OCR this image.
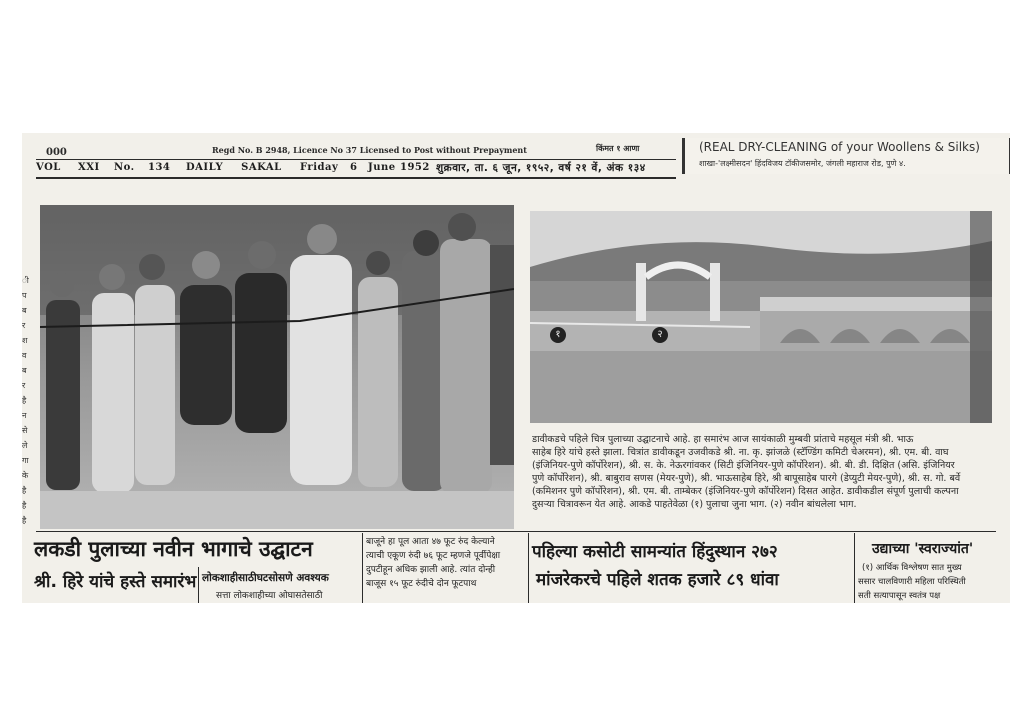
000	Regd No. B 2948, Licence No 37 Licensed to Post without Prepayment	किंमत १ आणा
VOL XXI No. 134 DAILY SAKAL Friday 6 June 1952 शुक्रवार, ता. ६ जून, १९५२, वर्ष २१ वें, अंक १३४
(REAL DRY-CLEANING of your Woollens & Silks)
शाखा-'लक्ष्मीसदन' हिंदविजय टॉकीजसमोर, जंगली महाराज रोड, पुणे ४.

ी

प

ब

र

श

व

ब

र

है

न

से

ले

गा

के

है

है

है

१	२

डावीकडचे पहिले चित्र पुलाच्या उद्घाटनाचे आहे. हा समारंभ आज सायंकाळी मुम्बवी प्रांताचे महसूल मंत्री श्री. भाऊ

साहेब हिरे यांचे हस्ते झाला. चित्रांत डावीकडून उजवीकडे श्री. ना. कृ. झांजळे (स्टॅण्डिंग कमिटी चेअरमन), श्री. एम. बी. वाघ

(इंजिनियर-पुणे कॉर्पोरेशन), श्री. स. के. नेऊरगांवकर (सिटी इंजिनियर-पुणे कॉर्पोरेशन). श्री. बी. डी. दिक्षित (असि. इंजिनियर

पुणे कॉर्पोरेशन), श्री. बाबुराव सणस (मेयर-पुणे), श्री. भाऊसाहेब हिरे, श्री बापूसाहेब पारगे (डेप्युटी मेयर-पुणे), श्री. स. गो. बर्वे

(कमिशनर पुणे कॉर्पोरेशन), श्री. एम. बी. ताम्बेकर (इंजिनियर-पुणे कॉर्पोरेशन) दिसत आहेत. डावीकडील संपूर्ण पुलाची कल्पना

दुसऱ्या चित्रावरून येत आहे. आकडे पाहतेवेळा (१) पुलाचा जुना भाग. (२) नवीन बांधलेला भाग.

लकडी पुलाच्या नवीन भागाचे उद्घाटन
श्री. हिरे यांचे हस्ते समारंभ लोकशाहीसाठीघटसोसणे अवश्यक
सत्ता लोकशाहीच्या ओघासतेसाठी

बाजूने हा पूल आता ४७ फूट रुंद केल्याने

त्याची एकूण रुंदी ७६ फूट म्हणजे पूर्वीपेक्षा

दुपटीहून अधिक झाली आहे. त्यांत दोन्ही

बाजूस १५ फूट रुंदीचे दोन फूटपाथ

पहिल्या कसोटी सामन्यांत हिंदुस्थान २७२
मांजरेकरचे पहिले शतक हजारे ८९ धांवा
उद्याच्या 'स्वराज्यांत'
(१) आर्थिक विश्लेषण सात मुख्य
ससार चालविणारी महिला परिस्थिती
सती सत्यापासून स्वतंत्र पक्ष
